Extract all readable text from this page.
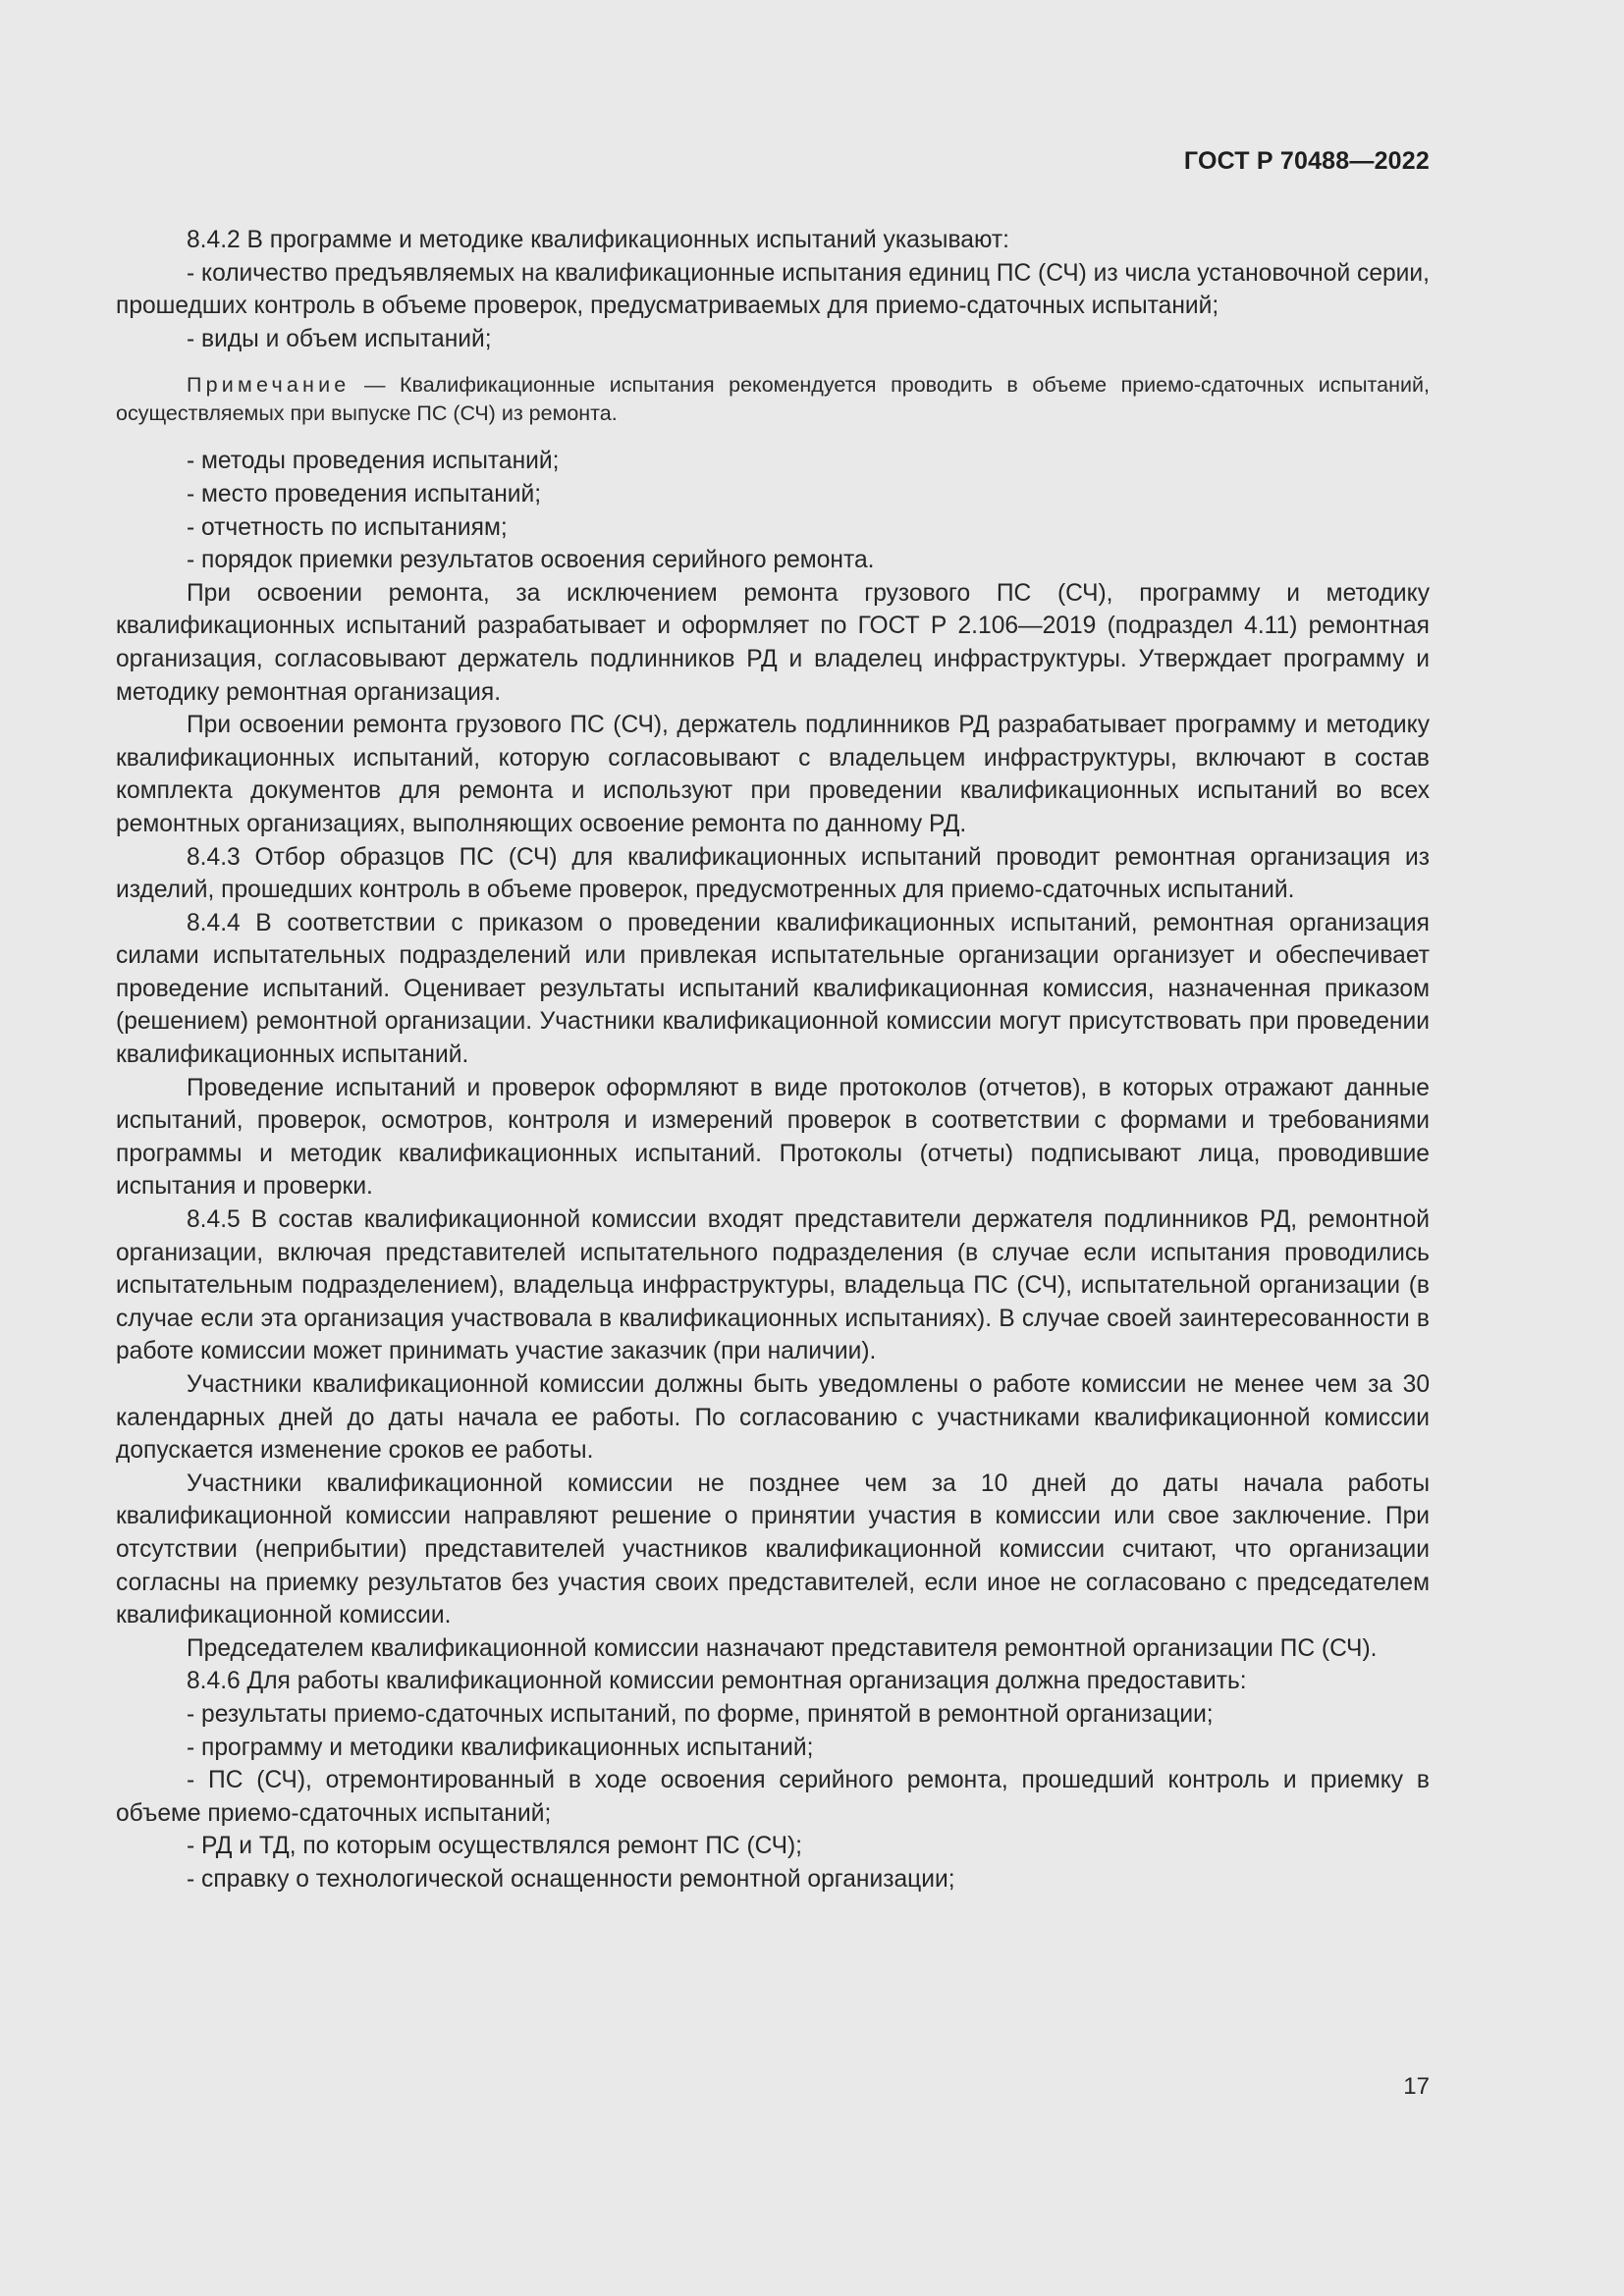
ГОСТ Р 70488—2022

8.4.2 В программе и методике квалификационных испытаний указывают:

- количество предъявляемых на квалификационные испытания единиц ПС (СЧ) из числа установочной серии, прошедших контроль в объеме проверок, предусматриваемых для приемо-сдаточных испытаний;

- виды и объем испытаний;

Примечание — Квалификационные испытания рекомендуется проводить в объеме приемо-сдаточных испытаний, осуществляемых при выпуске ПС (СЧ) из ремонта.

- методы проведения испытаний;

- место проведения испытаний;

- отчетность по испытаниям;

- порядок приемки результатов освоения серийного ремонта.

При освоении ремонта, за исключением ремонта грузового ПС (СЧ), программу и методику квалификационных испытаний разрабатывает и оформляет по ГОСТ Р 2.106—2019 (подраздел 4.11) ремонтная организация, согласовывают держатель подлинников РД и владелец инфраструктуры. Утверждает программу и методику ремонтная организация.

При освоении ремонта грузового ПС (СЧ), держатель подлинников РД разрабатывает программу и методику квалификационных испытаний, которую согласовывают с владельцем инфраструктуры, включают в состав комплекта документов для ремонта и используют при проведении квалификационных испытаний во всех ремонтных организациях, выполняющих освоение ремонта по данному РД.

8.4.3 Отбор образцов ПС (СЧ) для квалификационных испытаний проводит ремонтная организация из изделий, прошедших контроль в объеме проверок, предусмотренных для приемо-сдаточных испытаний.

8.4.4 В соответствии с приказом о проведении квалификационных испытаний, ремонтная организация силами испытательных подразделений или привлекая испытательные организации организует и обеспечивает проведение испытаний. Оценивает результаты испытаний квалификационная комиссия, назначенная приказом (решением) ремонтной организации. Участники квалификационной комиссии могут присутствовать при проведении квалификационных испытаний.

Проведение испытаний и проверок оформляют в виде протоколов (отчетов), в которых отражают данные испытаний, проверок, осмотров, контроля и измерений проверок в соответствии с формами и требованиями программы и методик квалификационных испытаний. Протоколы (отчеты) подписывают лица, проводившие испытания и проверки.

8.4.5 В состав квалификационной комиссии входят представители держателя подлинников РД, ремонтной организации, включая представителей испытательного подразделения (в случае если испытания проводились испытательным подразделением), владельца инфраструктуры, владельца ПС (СЧ), испытательной организации (в случае если эта организация участвовала в квалификационных испытаниях). В случае своей заинтересованности в работе комиссии может принимать участие заказчик (при наличии).

Участники квалификационной комиссии должны быть уведомлены о работе комиссии не менее чем за 30 календарных дней до даты начала ее работы. По согласованию с участниками квалификационной комиссии допускается изменение сроков ее работы.

Участники квалификационной комиссии не позднее чем за 10 дней до даты начала работы квалификационной комиссии направляют решение о принятии участия в комиссии или свое заключение. При отсутствии (неприбытии) представителей участников квалификационной комиссии считают, что организации согласны на приемку результатов без участия своих представителей, если иное не согласовано с председателем квалификационной комиссии.

Председателем квалификационной комиссии назначают представителя ремонтной организации ПС (СЧ).

8.4.6 Для работы квалификационной комиссии ремонтная организация должна предоставить:

- результаты приемо-сдаточных испытаний, по форме, принятой в ремонтной организации;

- программу и методики квалификационных испытаний;

- ПС (СЧ), отремонтированный в ходе освоения серийного ремонта, прошедший контроль и приемку в объеме приемо-сдаточных испытаний;

- РД и ТД, по которым осуществлялся ремонт ПС (СЧ);

- справку о технологической оснащенности ремонтной организации;

17
